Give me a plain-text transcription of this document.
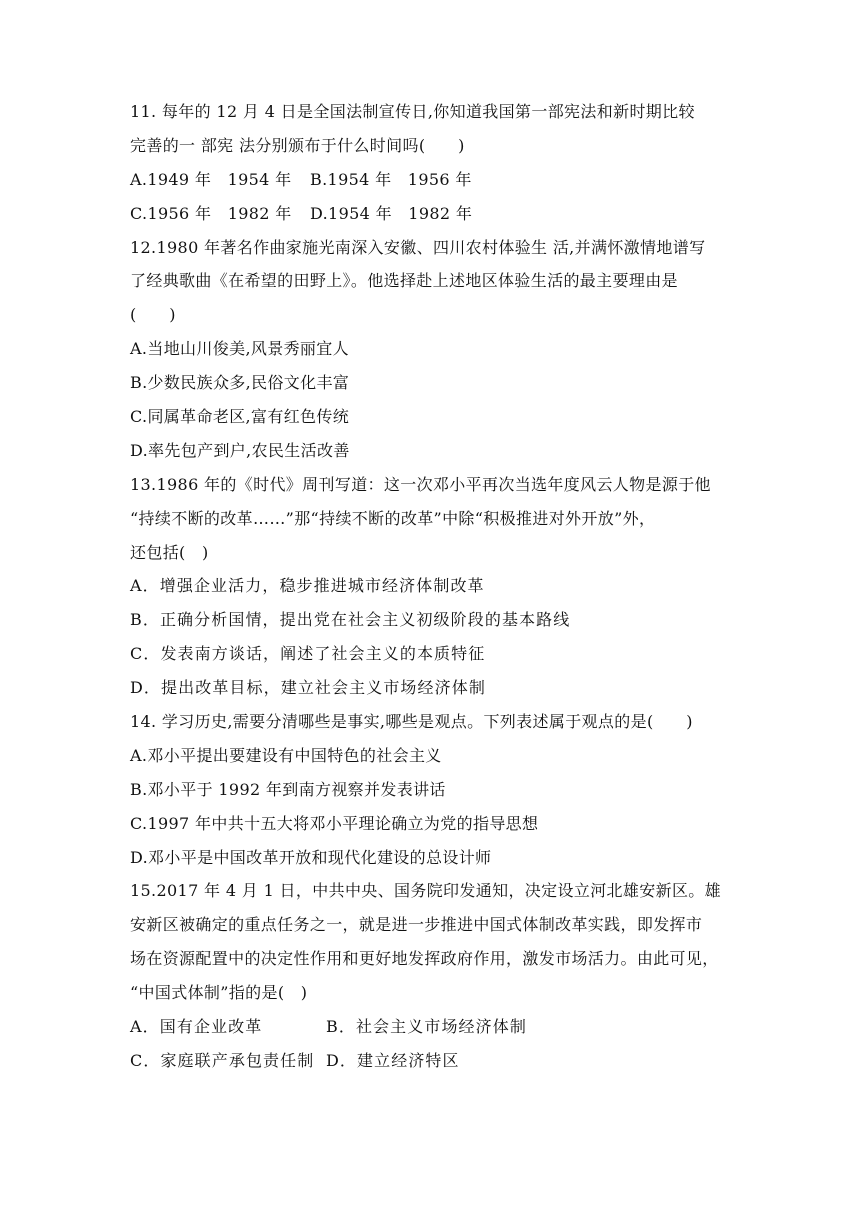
11. 每年的 12 月 4 日是全国法制宣传日,你知道我国第一部宪法和新时期比较
完善的一 部宪 法分别颁布于什么时间吗(　　)
A.1949 年　1954 年	B.1954 年　1956 年
C.1956 年　1982 年	D.1954 年　1982 年
12.1980 年著名作曲家施光南深入安徽、四川农村体验生 活,并满怀激情地谱写
了经典歌曲《在希望的田野上》。他选择赴上述地区体验生活的最主要理由是
(　　)
A.当地山川俊美,风景秀丽宜人
B.少数民族众多,民俗文化丰富
C.同属革命老区,富有红色传统
D.率先包产到户,农民生活改善
13.1986 年的《时代》周刊写道：这一次邓小平再次当选年度风云人物是源于他
“持续不断的改革……”那“持续不断的改革”中除“积极推进对外开放”外，
还包括(　)
A．增强企业活力，稳步推进城市经济体制改革
B．正确分析国情，提出党在社会主义初级阶段的基本路线
C．发表南方谈话，阐述了社会主义的本质特征
D．提出改革目标，建立社会主义市场经济体制
14. 学习历史,需要分清哪些是事实,哪些是观点。下列表述属于观点的是(　　)
A.邓小平提出要建设有中国特色的社会主义
B.邓小平于 1992 年到南方视察并发表讲话
C.1997 年中共十五大将邓小平理论确立为党的指导思想
D.邓小平是中国改革开放和现代化建设的总设计师
15.2017 年 4 月 1 日，中共中央、国务院印发通知，决定设立河北雄安新区。雄
安新区被确定的重点任务之一，就是进一步推进中国式体制改革实践，即发挥市
场在资源配置中的决定性作用和更好地发挥政府作用，激发市场活力。由此可见，
“中国式体制”指的是(　)
A．国有企业改革	B．社会主义市场经济体制
C．家庭联产承包责任制 D．建立经济特区
